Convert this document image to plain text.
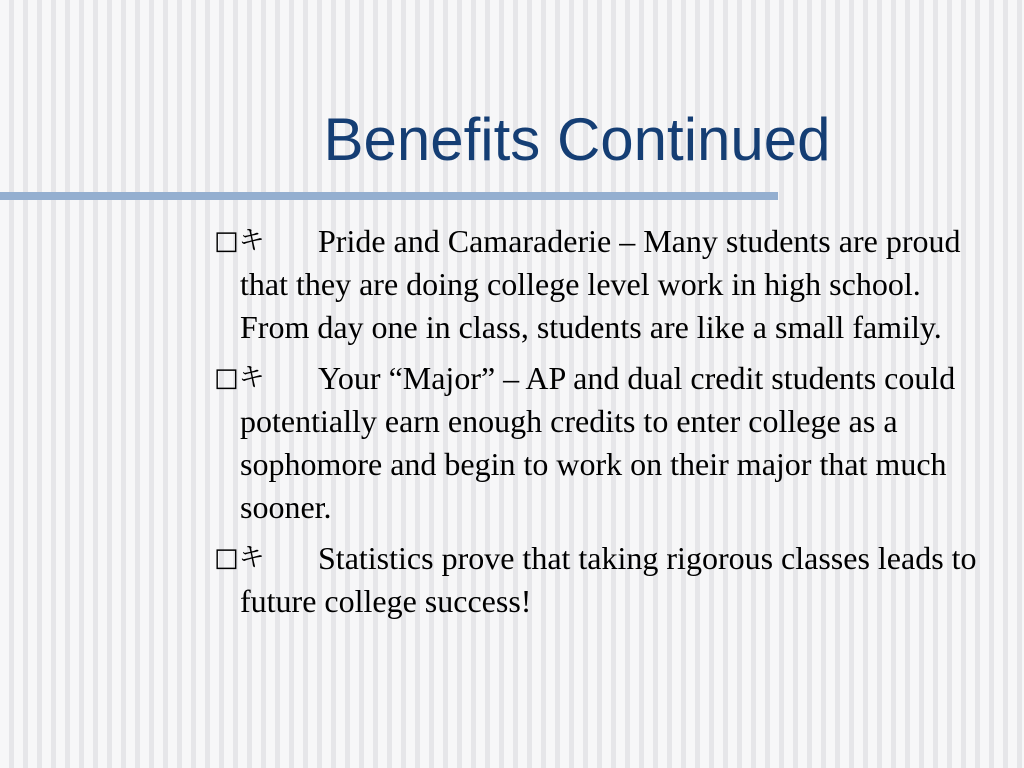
Benefits Continued
□キ Pride and Camaraderie – Many students are proud that they are doing college level work in high school. From day one in class, students are like a small family.
□キ Your “Major” – AP and dual credit students could potentially earn enough credits to enter college as a sophomore and begin to work on their major that much sooner.
□キ Statistics prove that taking rigorous classes leads to future college success!
